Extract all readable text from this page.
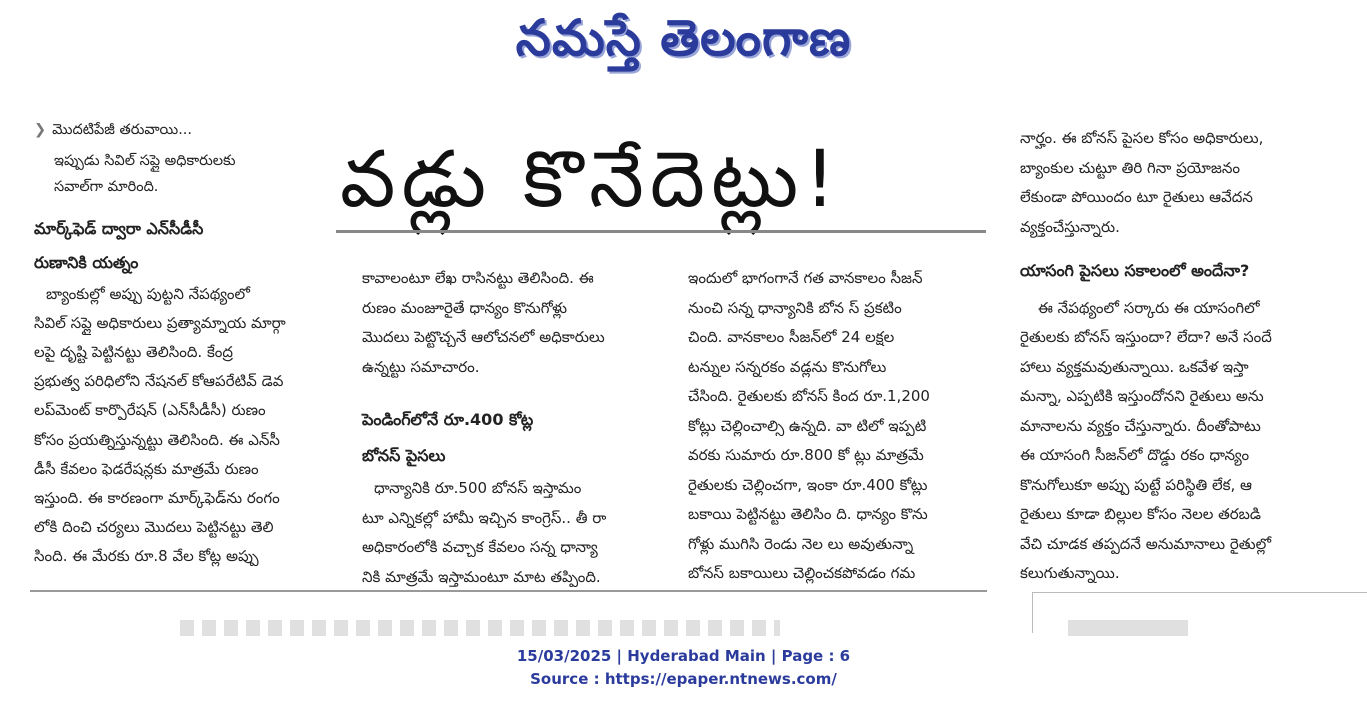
నమస్తే తెలంగాణ

❯ మొదటిపేజీ తరువాయి...

ఇప్పుడు సివిల్ సప్లై అధికారులకు
సవాల్‌గా మారింది.

మార్క్‌ఫెడ్ ద్వారా ఎన్‌సీడీసీ
రుణానికి యత్నం

బ్యాంకుల్లో అప్పు పుట్టని నేపథ్యంలో
సివిల్ సప్లై అధికారులు ప్రత్యామ్నాయ మార్గా
లపై దృష్టి పెట్టినట్టు తెలిసింది. కేంద్ర
ప్రభుత్వ పరిధిలోని నేషనల్ కోఆపరేటివ్ డెవ
లప్‌మెంట్ కార్పొరేషన్ (ఎన్‌సీడీసీ) రుణం
కోసం ప్రయత్నిస్తున్నట్టు తెలిసింది. ఈ ఎన్‌సీ
డీసీ కేవలం ఫెడరేషన్లకు మాత్రమే రుణం
ఇస్తుంది. ఈ కారణంగా మార్క్‌ఫెడ్‌ను రంగం
లోకి దించి చర్యలు మొదలు పెట్టినట్టు తెలి
సింది. ఈ మేరకు రూ.8 వేల కోట్ల అప్పు

వడ్లు కొనేదెట్లు!

కావాలంటూ లేఖ రాసినట్టు తెలిసింది. ఈ
రుణం మంజూరైతే ధాన్యం కొనుగోళ్లు
మొదలు పెట్టొచ్చనే ఆలోచనలో అధికారులు
ఉన్నట్టు సమాచారం.

పెండింగ్‌లోనే రూ.400 కోట్ల
బోనస్ పైసలు

ధాన్యానికి రూ.500 బోనస్ ఇస్తామం
టూ ఎన్నికల్లో హామీ ఇచ్చిన కాంగ్రెస్.. తీ రా
అధికారంలోకి వచ్చాక కేవలం సన్న ధాన్యా
నికి మాత్రమే ఇస్తామంటూ మాట తప్పింది.

ఇందులో భాగంగానే గత వానకాలం సీజన్
నుంచి సన్న ధాన్యానికి బోన స్ ప్రకటిం
చింది. వానకాలం సీజన్‌లో 24 లక్షల
టన్నుల సన్నరకం వడ్లను కొనుగోలు
చేసింది. రైతులకు బోనస్ కింద రూ.1,200
కోట్లు చెల్లించాల్సి ఉన్నది. వా టిలో ఇప్పటి
వరకు సుమారు రూ.800 కో ట్లు మాత్రమే
రైతులకు చెల్లించగా, ఇంకా రూ.400 కోట్లు
బకాయి పెట్టినట్టు తెలిసిం ది. ధాన్యం కొను
గోళ్లు ముగిసి రెండు నెల లు అవుతున్నా
బోనస్ బకాయిలు చెల్లించకపోవడం గమ

నార్హం. ఈ బోనస్ పైసల కోసం అధికారులు,
బ్యాంకుల చుట్టూ తిరి గినా ప్రయోజనం
లేకుండా పోయిందం టూ రైతులు ఆవేదన
వ్యక్తంచేస్తున్నారు.

యాసంగి పైసలు సకాలంలో అందేనా?

ఈ నేపథ్యంలో సర్కారు ఈ యాసంగిలో
రైతులకు బోనస్ ఇస్తుందా? లేదా? అనే సందే
హాలు వ్యక్తమవుతున్నాయి. ఒకవేళ ఇస్తా
మన్నా, ఎప్పటికి ఇస్తుందోనని రైతులు అను
మానాలను వ్యక్తం చేస్తున్నారు. దీంతోపాటు
ఈ యాసంగి సీజన్‌లో దొడ్డు రకం ధాన్యం
కొనుగోలుకూ అప్పు పుట్టే పరిస్థితి లేక, ఆ
రైతులు కూడా బిల్లుల కోసం నెలల తరబడి
వేచి చూడక తప్పదనే అనుమానాలు రైతుల్లో
కలుగుతున్నాయి.

15/03/2025 | Hyderabad Main | Page : 6
Source : https://epaper.ntnews.com/
